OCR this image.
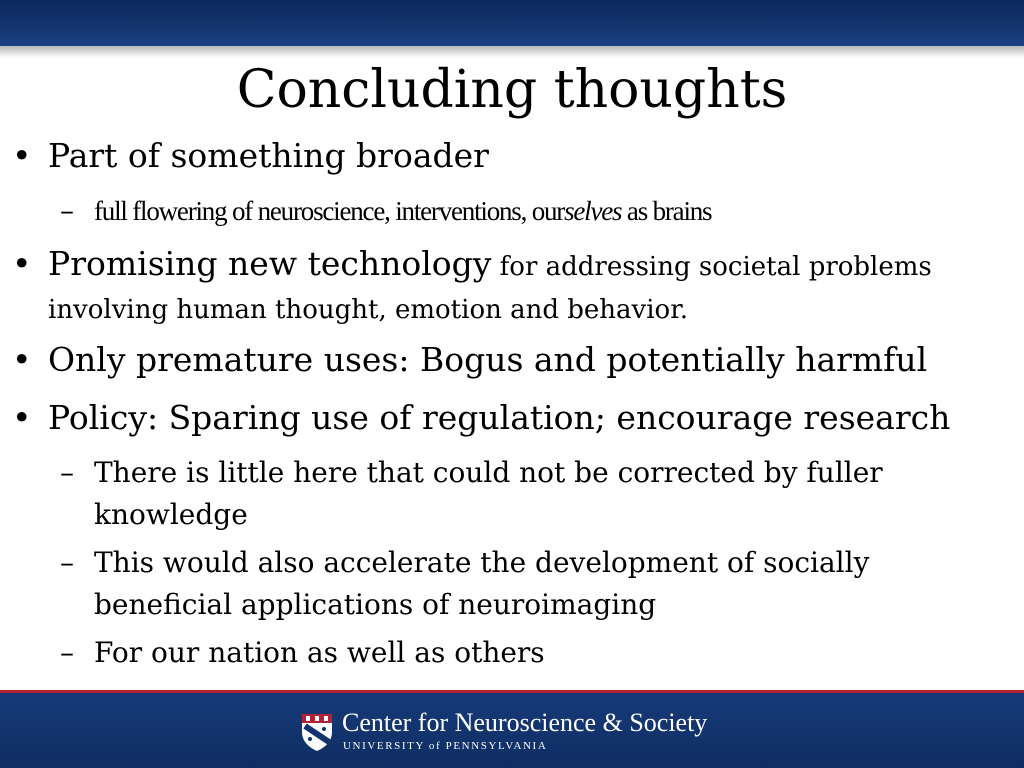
Concluding thoughts
• Part of something broader
– full flowering of neuroscience, interventions, ourselves as brains
• Promising new technology for addressing societal problems involving human thought, emotion and behavior.
• Only premature uses: Bogus and potentially harmful
• Policy: Sparing use of regulation; encourage research
– There is little here that could not be corrected by fuller knowledge
– This would also accelerate the development of socially beneficial applications of neuroimaging
– For our nation as well as others
Center for Neuroscience & Society
UNIVERSITY of PENNSYLVANIA
